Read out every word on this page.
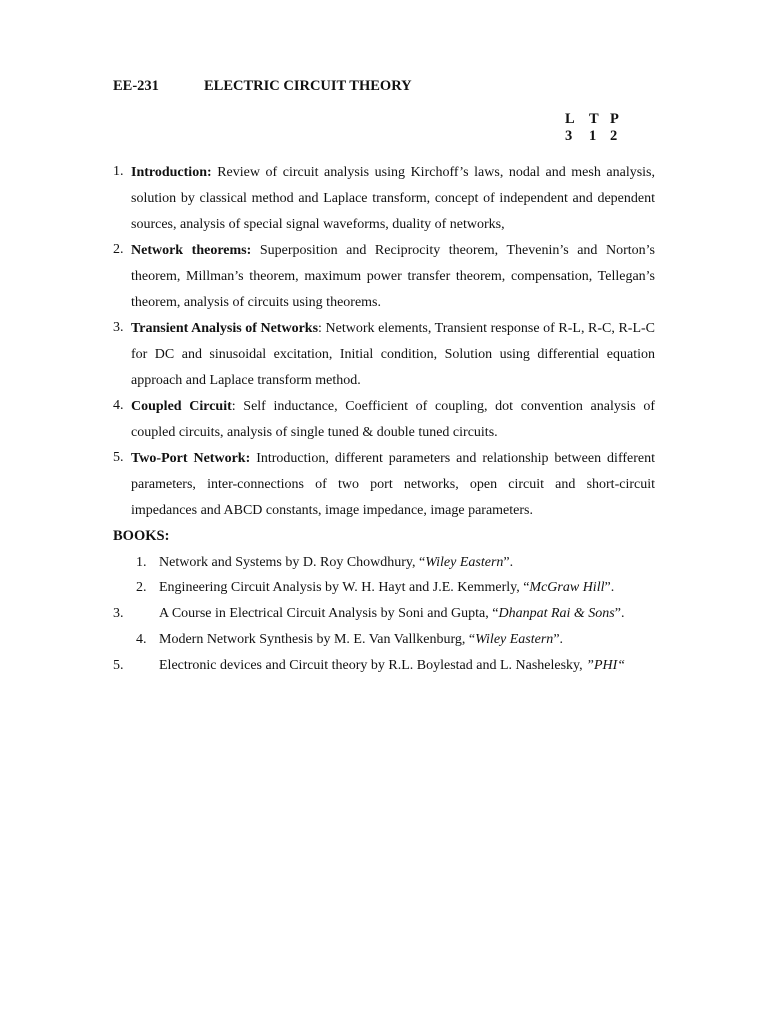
EE-231	ELECTRIC CIRCUIT THEORY
L T P
3 1 2
1. Introduction: Review of circuit analysis using Kirchoff’s laws, nodal and mesh analysis, solution by classical method and Laplace transform, concept of independent and dependent sources, analysis of special signal waveforms, duality of networks,
2. Network theorems: Superposition and Reciprocity theorem, Thevenin’s and Norton’s theorem, Millman’s theorem, maximum power transfer theorem, compensation, Tellegan’s theorem, analysis of circuits using theorems.
3. Transient Analysis of Networks: Network elements, Transient response of R-L, R-C, R-L-C for DC and sinusoidal excitation, Initial condition, Solution using differential equation approach and Laplace transform method.
4. Coupled Circuit: Self inductance, Coefficient of coupling, dot convention analysis of coupled circuits, analysis of single tuned & double tuned circuits.
5. Two-Port Network: Introduction, different parameters and relationship between different parameters, inter-connections of two port networks, open circuit and short-circuit impedances and ABCD constants, image impedance, image parameters.
BOOKS:
1. Network and Systems by D. Roy Chowdhury, “Wiley Eastern”.
2. Engineering Circuit Analysis by W. H. Hayt and J.E. Kemmerly, “McGraw Hill”.
3.	A Course in Electrical Circuit Analysis by Soni and Gupta, “Dhanpat Rai & Sons”.
4. Modern Network Synthesis by M. E. Van Vallkenburg, “Wiley Eastern”.
5.	Electronic devices and Circuit theory by R.L. Boylestad and L. Nashelesky, ”PHI“
